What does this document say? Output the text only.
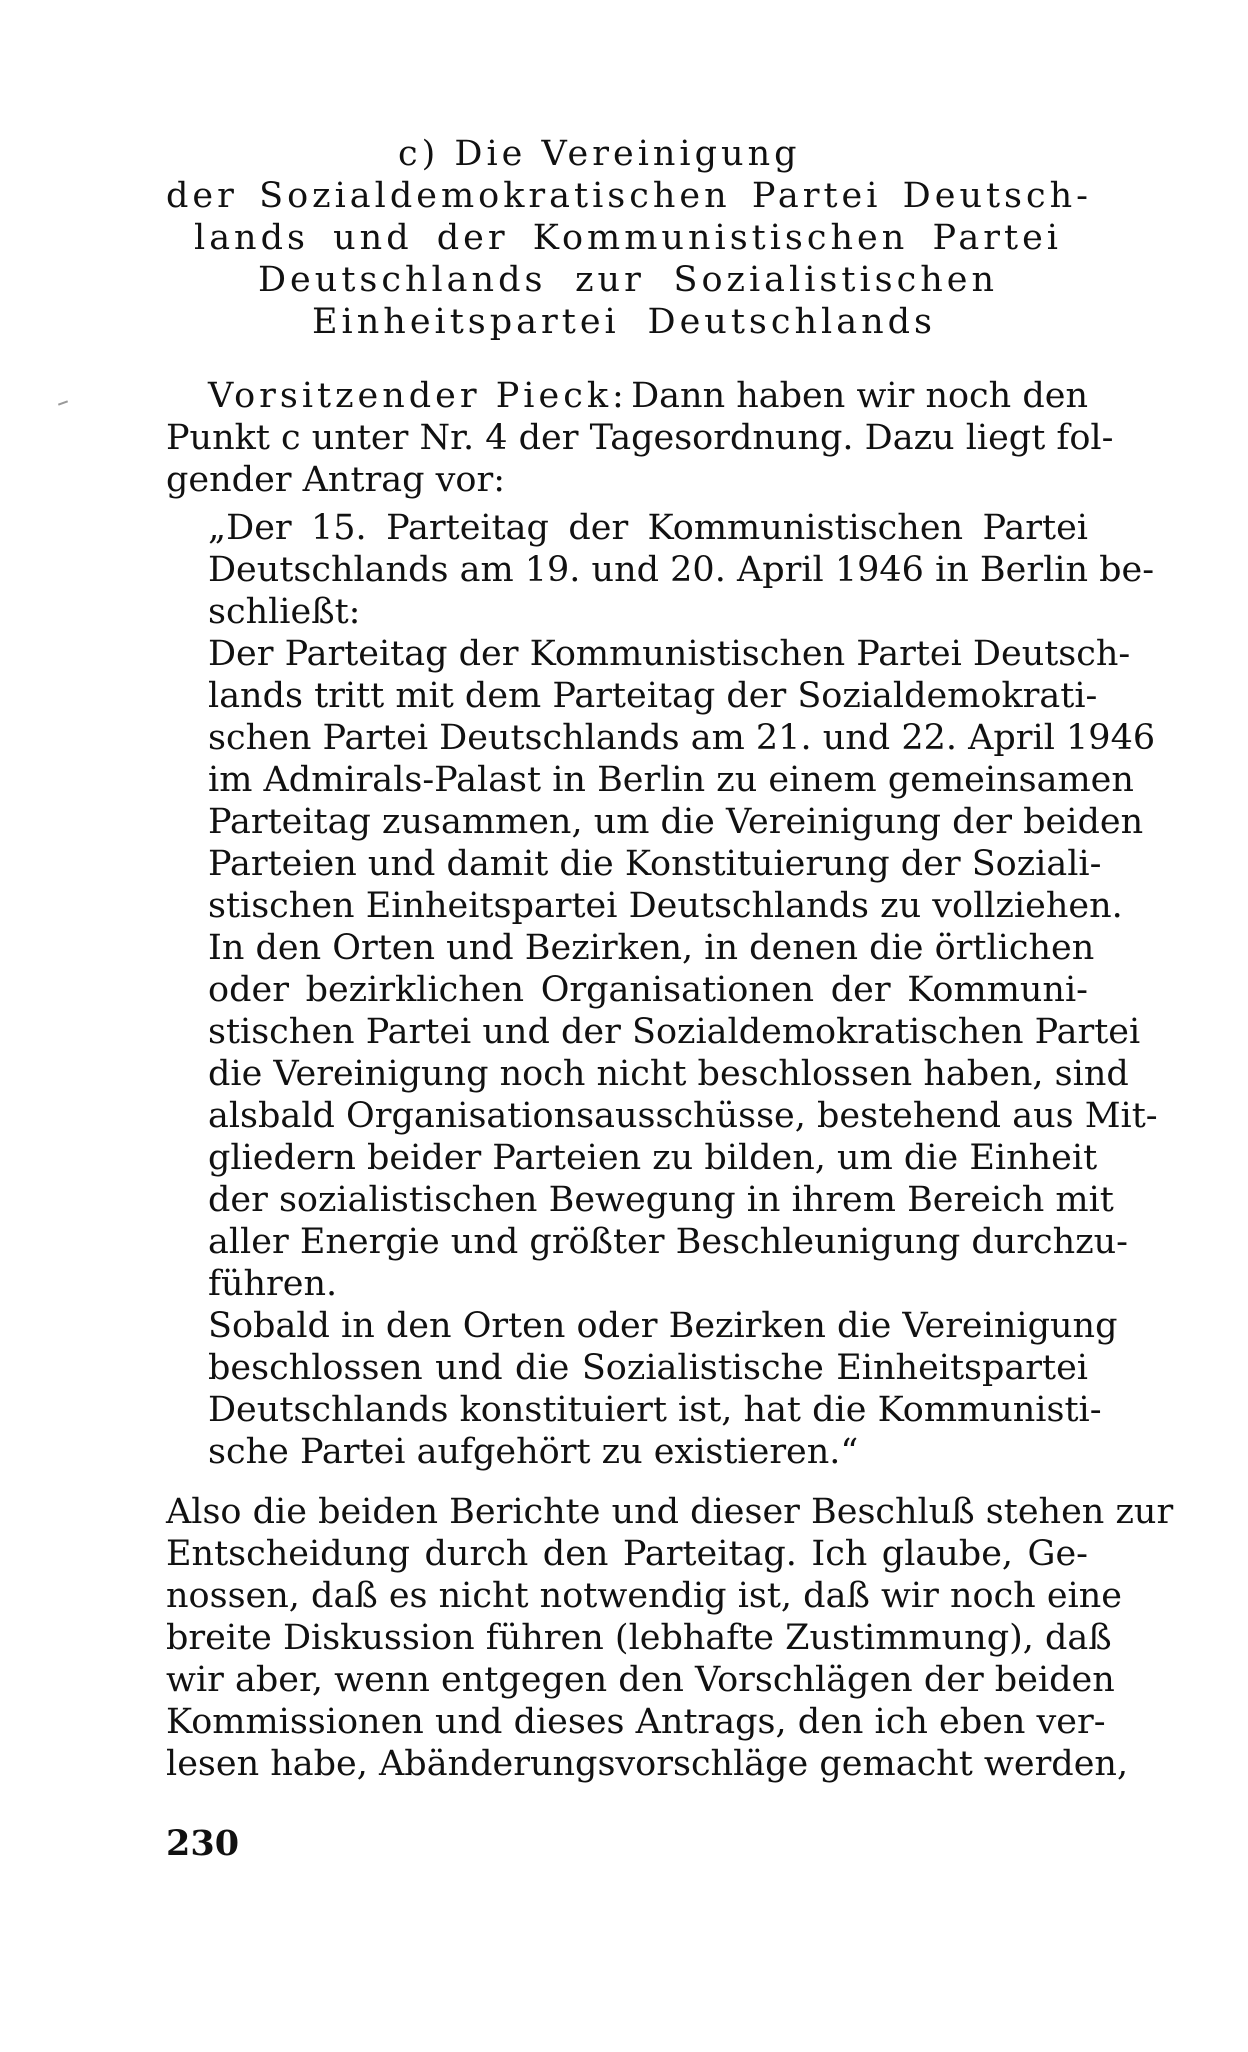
c) Die Vereinigung
der Sozialdemokratischen Partei Deutsch-
lands und der Kommunistischen Partei
Deutschlands zur Sozialistischen
Einheitspartei Deutschlands
Vorsitzender Pieck: Dann haben wir noch den
Punkt c unter Nr. 4 der Tagesordnung. Dazu liegt fol-
gender Antrag vor:
„Der 15. Parteitag der Kommunistischen Partei
Deutschlands am 19. und 20. April 1946 in Berlin be-
schließt:
Der Parteitag der Kommunistischen Partei Deutsch-
lands tritt mit dem Parteitag der Sozialdemokrati-
schen Partei Deutschlands am 21. und 22. April 1946
im Admirals-Palast in Berlin zu einem gemeinsamen
Parteitag zusammen, um die Vereinigung der beiden
Parteien und damit die Konstituierung der Soziali-
stischen Einheitspartei Deutschlands zu vollziehen.
In den Orten und Bezirken, in denen die örtlichen
oder bezirklichen Organisationen der Kommuni-
stischen Partei und der Sozialdemokratischen Partei
die Vereinigung noch nicht beschlossen haben, sind
alsbald Organisationsausschüsse, bestehend aus Mit-
gliedern beider Parteien zu bilden, um die Einheit
der sozialistischen Bewegung in ihrem Bereich mit
aller Energie und größter Beschleunigung durchzu-
führen.
Sobald in den Orten oder Bezirken die Vereinigung
beschlossen und die Sozialistische Einheitspartei
Deutschlands konstituiert ist, hat die Kommunisti-
sche Partei aufgehört zu existieren.“
Also die beiden Berichte und dieser Beschluß stehen zur
Entscheidung durch den Parteitag. Ich glaube, Ge-
nossen, daß es nicht notwendig ist, daß wir noch eine
breite Diskussion führen (lebhafte Zustimmung), daß
wir aber, wenn entgegen den Vorschlägen der beiden
Kommissionen und dieses Antrags, den ich eben ver-
lesen habe, Abänderungsvorschläge gemacht werden,
230
